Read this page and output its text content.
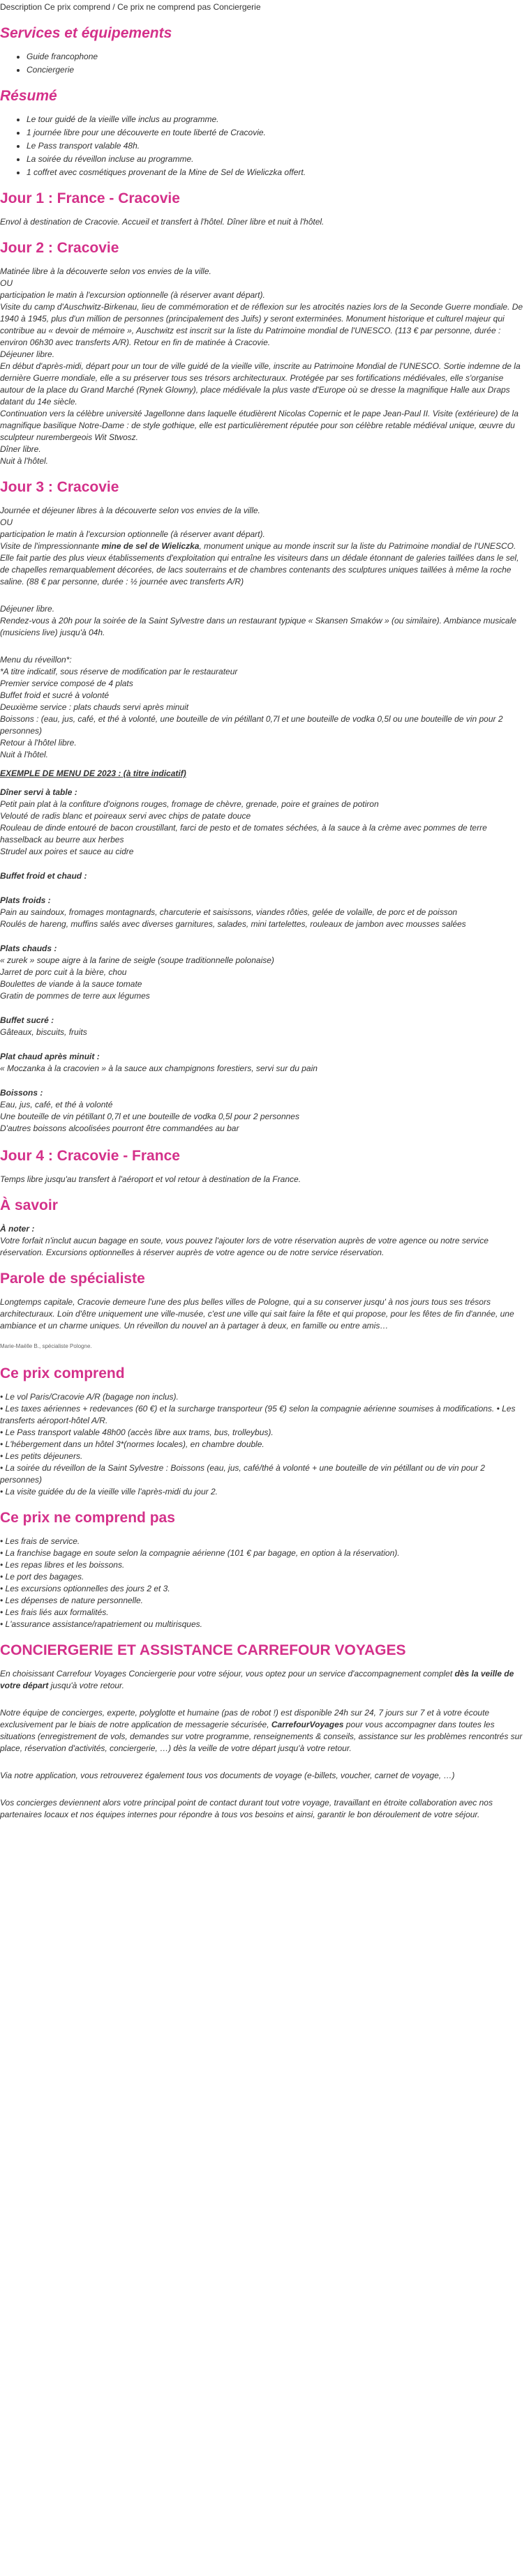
Description Ce prix comprend / Ce prix ne comprend pas Conciergerie
Services et équipements
• Guide francophone
• Conciergerie
Résumé
• Le tour guidé de la vieille ville inclus au programme.
• 1 journée libre pour une découverte en toute liberté de Cracovie.
• Le Pass transport valable 48h.
• La soirée du réveillon incluse au programme.
• 1 coffret avec cosmétiques provenant de la Mine de Sel de Wieliczka offert.
Jour 1 : France - Cracovie

Envol à destination de Cracovie. Accueil et transfert à l'hôtel. Dîner libre et nuit à l'hôtel.

Jour 2 : Cracovie

Matinée libre à la découverte selon vos envies de la ville.
OU
participation le matin à l'excursion optionnelle (à réserver avant départ).
Visite du camp d'Auschwitz-Birkenau, lieu de commémoration et de réflexion sur les atrocités nazies lors de la Seconde Guerre mondiale. De 1940 à 1945, plus d'un million de personnes (principalement des Juifs) y seront exterminées. Monument historique et culturel majeur qui contribue au « devoir de mémoire », Auschwitz est inscrit sur la liste du Patrimoine mondial de l'UNESCO. (113 € par personne, durée : environ 06h30 avec transferts A/R). Retour en fin de matinée à Cracovie.
Déjeuner libre.
En début d'après-midi, départ pour un tour de ville guidé de la vieille ville, inscrite au Patrimoine Mondial de l'UNESCO. Sortie indemne de la dernière Guerre mondiale, elle a su préserver tous ses trésors architecturaux. Protégée par ses fortifications médiévales, elle s'organise autour de la place du Grand Marché (Rynek Glowny), place médiévale la plus vaste d'Europe où se dresse la magnifique Halle aux Draps datant du 14e siècle.
Continuation vers la célèbre université Jagellonne dans laquelle étudièrent Nicolas Copernic et le pape Jean-Paul II. Visite (extérieure) de la magnifique basilique Notre-Dame : de style gothique, elle est particulièrement réputée pour son célèbre retable médiéval unique, œuvre du sculpteur nurembergeois Wit Stwosz.
Dîner libre.
Nuit à l'hôtel.

Jour 3 : Cracovie

Journée et déjeuner libres à la découverte selon vos envies de la ville.
OU
participation le matin à l'excursion optionnelle (à réserver avant départ).

Visite de l'impressionnante mine de sel de Wieliczka, monument unique au monde inscrit sur la liste du Patrimoine mondial de l'UNESCO. Elle fait partie des plus vieux établissements d'exploitation qui entraîne les visiteurs dans un dédale étonnant de galeries taillées dans le sel, de chapelles remarquablement décorées, de lacs souterrains et de chambres contenants des sculptures uniques taillées à même la roche saline. (88 € par personne, durée : ½ journée avec transferts A/R)

Déjeuner libre.
Rendez-vous à 20h pour la soirée de la Saint Sylvestre dans un restaurant typique « Skansen Smaków » (ou similaire). Ambiance musicale (musiciens live) jusqu'à 04h.

Menu du réveillon*:
*A titre indicatif, sous réserve de modification par le restaurateur
Premier service composé de 4 plats
Buffet froid et sucré à volonté
Deuxième service : plats chauds servi après minuit
Boissons : (eau, jus, café, et thé à volonté, une bouteille de vin pétillant 0,7l et une bouteille de vodka 0,5l ou une bouteille de vin pour 2 personnes)
Retour à l'hôtel libre.
Nuit à l'hôtel.

EXEMPLE DE MENU DE 2023 : (à titre indicatif)

Dîner servi à table :
Petit pain plat à la confiture d'oignons rouges, fromage de chèvre, grenade, poire et graines de potiron
Velouté de radis blanc et poireaux servi avec chips de patate douce
Rouleau de dinde entouré de bacon croustillant, farci de pesto et de tomates séchées, à la sauce à la crème avec pommes de terre hasselback au beurre aux herbes
Strudel aux poires et sauce au cidre

Buffet froid et chaud :

Plats froids :
Pain au saindoux, fromages montagnards, charcuterie et saisissons, viandes rôties, gelée de volaille, de porc et de poisson
Roulés de hareng, muffins salés avec diverses garnitures, salades, mini tartelettes, rouleaux de jambon avec mousses salées

Plats chauds :
« zurek » soupe aigre à la farine de seigle (soupe traditionnelle polonaise)
Jarret de porc cuit à la bière, chou
Boulettes de viande à la sauce tomate
Gratin de pommes de terre aux légumes

Buffet sucré :
Gâteaux, biscuits, fruits

Plat chaud après minuit :
« Moczanka à la cracovien » à la sauce aux champignons forestiers, servi sur du pain

Boissons :
Eau, jus, café, et thé à volonté
Une bouteille de vin pétillant 0,7l et une bouteille de vodka 0,5l pour 2 personnes
D'autres boissons alcoolisées pourront être commandées au bar

Jour 4 : Cracovie - France

Temps libre jusqu'au transfert à l'aéroport et vol retour à destination de la France.

À savoir

À noter :
Votre forfait n'inclut aucun bagage en soute, vous pouvez l'ajouter lors de votre réservation auprès de votre agence ou notre service réservation. Excursions optionnelles à réserver auprès de votre agence ou de notre service réservation.

Parole de spécialiste

Longtemps capitale, Cracovie demeure l'une des plus belles villes de Pologne, qui a su conserver jusqu' à nos jours tous ses trésors architecturaux. Loin d'être uniquement une ville-musée, c'est une ville qui sait faire la fête et qui propose, pour les fêtes de fin d'année, une ambiance et un charme uniques. Un réveillon du nouvel an à partager à deux, en famille ou entre amis…

Marie-Maëlle B., spécialiste Pologne.
Ce prix comprend

• Le vol Paris/Cracovie A/R (bagage non inclus).
• Les taxes aériennes + redevances (60 €) et la surcharge transporteur (95 €) selon la compagnie aérienne soumises à modifications. • Les transferts aéroport-hôtel A/R.
• Le Pass transport valable 48h00 (accès libre aux trams, bus, trolleybus).
• L'hébergement dans un hôtel 3*(normes locales), en chambre double.
• Les petits déjeuners.
• La soirée du réveillon de la Saint Sylvestre : Boissons (eau, jus, café/thé à volonté + une bouteille de vin pétillant ou de vin pour 2 personnes)
• La visite guidée du de la vieille ville l'après-midi du jour 2.

Ce prix ne comprend pas

• Les frais de service.
• La franchise bagage en soute selon la compagnie aérienne (101 € par bagage, en option à la réservation).
• Les repas libres et les boissons.
• Le port des bagages.
• Les excursions optionnelles des jours 2 et 3.
• Les dépenses de nature personnelle.
• Les frais liés aux formalités.
• L'assurance assistance/rapatriement ou multirisques.

CONCIERGERIE ET ASSISTANCE CARREFOUR VOYAGES

En choisissant Carrefour Voyages Conciergerie pour votre séjour, vous optez pour un service d'accompagnement complet dès la veille de votre départ jusqu'à votre retour.

Notre équipe de concierges, experte, polyglotte et humaine (pas de robot !) est disponible 24h sur 24, 7 jours sur 7 et à votre écoute exclusivement par le biais de notre application de messagerie sécurisée, CarrefourVoyages pour vous accompagner dans toutes les situations (enregistrement de vols, demandes sur votre programme, renseignements & conseils, assistance sur les problèmes rencontrés sur place, réservation d'activités, conciergerie, …) dès la veille de votre départ jusqu'à votre retour.

Via notre application, vous retrouverez également tous vos documents de voyage (e-billets, voucher, carnet de voyage, …)

Vos concierges deviennent alors votre principal point de contact durant tout votre voyage, travaillant en étroite collaboration avec nos partenaires locaux et nos équipes internes pour répondre à tous vos besoins et ainsi, garantir le bon déroulement de votre séjour.
